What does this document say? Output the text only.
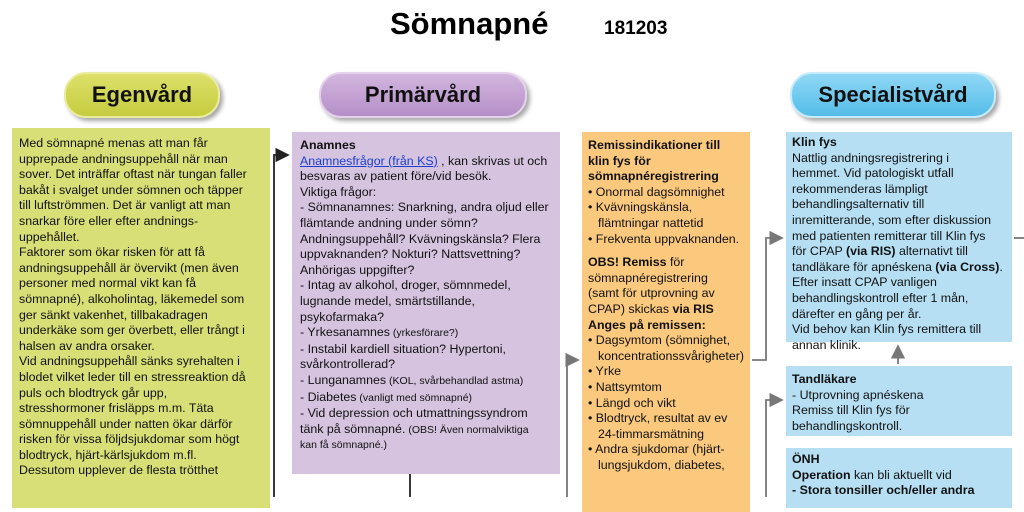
Sömnapné	181203
Egenvård	Primärvård	Specialistvård
Med sömnapné menas att man får
upprepade andningsuppehåll när man
sover. Det inträffar oftast när tungan faller
bakåt i svalget under sömnen och täpper
till luftströmmen. Det är vanligt att man
snarkar före eller efter andnings-
uppehållet.
Faktorer som ökar risken för att få
andningsuppehåll är övervikt (men även
personer med normal vikt kan få
sömnapné), alkoholintag, läkemedel som
ger sänkt vakenhet, tillbakadragen
underkäke som ger överbett, eller trångt i
halsen av andra orsaker.
Vid andningsuppehåll sänks syrehalten i
blodet vilket leder till en stressreaktion då
puls och blodtryck går upp,
stresshormoner frisläpps m.m. Täta
sömnuppehåll under natten ökar därför
risken för vissa följdsjukdomar som högt
blodtryck, hjärt-kärlsjukdom m.fl.
Dessutom upplever de flesta trötthet
Anamnes
Anamnesfrågor (från KS) , kan skrivas ut och
besvaras av patient före/vid besök.
Viktiga frågor:
- Sömnanamnes: Snarkning, andra oljud eller
flämtande andning under sömn?
Andningsuppehåll? Kvävningskänsla? Flera
uppvaknanden? Nokturi? Nattsvettning?
Anhörigas uppgifter?
- Intag av alkohol, droger, sömnmedel,
lugnande medel, smärtstillande,
psykofarmaka?
- Yrkesanamnes (yrkesförare?)
- Instabil kardiell situation? Hypertoni,
svårkontrollerad?
- Lunganamnes (KOL, svårbehandlad astma)
- Diabetes (vanligt med sömnapné)
- Vid depression och utmattningssyndrom
tänk på sömnapné. (OBS! Även normalviktiga
kan få sömnapné.)
Remissindikationer till
klin fys för
sömnapnéregistrering
• Onormal dagsömnighet
• Kvävningskänsla,
flämtningar nattetid
• Frekventa uppvaknanden.
OBS! Remiss för
sömnapnéregistrering
(samt för utprovning av
CPAP) skickas via RIS
Anges på remissen:
• Dagsymtom (sömnighet,
koncentrationssvårigheter)
• Yrke
• Nattsymtom
• Längd och vikt
• Blodtryck, resultat av ev
24-timmarsmätning
• Andra sjukdomar (hjärt-
lungsjukdom, diabetes,
Klin fys
Nattlig andningsregistrering i
hemmet. Vid patologiskt utfall
rekommenderas lämpligt
behandlingsalternativ till
inremitterande, som efter diskussion
med patienten remitterar till Klin fys
för CPAP (via RIS) alternativt till
tandläkare för apnéskena (via Cross).
Efter insatt CPAP vanligen
behandlingskontroll efter 1 mån,
därefter en gång per år.
Vid behov kan Klin fys remittera till
annan klinik.
Tandläkare
- Utprovning apnéskena
Remiss till Klin fys för
behandlingskontroll.
ÖNH
Operation kan bli aktuellt vid
- Stora tonsiller och/eller andra
